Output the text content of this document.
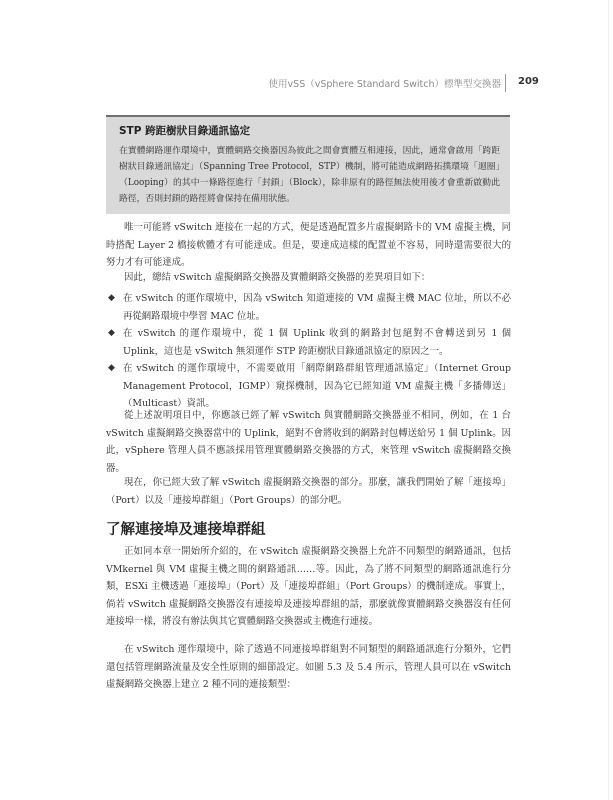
使用vSS（vSphere Standard Switch）標準型交換器 209
STP 跨距樹狀目錄通訊協定

在實體網路運作環境中，實體網路交換器因為彼此之間會實體互相連接，因此，通常會啟用「跨距樹狀目錄通訊協定」（Spanning Tree Protocol，STP）機制，將可能造成網路拓撲環境「迴圈」（Looping）的其中一條路徑進行「封鎖」（Block），除非原有的路徑無法使用後才會重新啟動此路徑，否則封鎖的路徑將會保持在備用狀態。

唯一可能將 vSwitch 連接在一起的方式，便是透過配置多片虛擬網路卡的 VM 虛擬主機，同時搭配 Layer 2 橋接軟體才有可能達成。但是，要達成這樣的配置並不容易，同時還需要很大的努力才有可能達成。

因此，總結 vSwitch 虛擬網路交換器及實體網路交換器的差異項目如下：

◆ 在 vSwitch 的運作環境中，因為 vSwitch 知道連接的 VM 虛擬主機 MAC 位址，所以不必再從網路環境中學習 MAC 位址。
◆ 在 vSwitch 的運作環境中，從 1 個 Uplink 收到的網路封包絕對不會轉送到另 1 個 Uplink，這也是 vSwitch 無須運作 STP 跨距樹狀目錄通訊協定的原因之一。
◆ 在 vSwitch 的運作環境中，不需要啟用「網際網路群組管理通訊協定」（Internet Group Management Protocol，IGMP）窺探機制，因為它已經知道 VM 虛擬主機「多播傳送」（Multicast）資訊。

從上述說明項目中，你應該已經了解 vSwitch 與實體網路交換器並不相同，例如，在 1 台 vSwitch 虛擬網路交換器當中的 Uplink，絕對不會將收到的網路封包轉送給另 1 個 Uplink。因此，vSphere 管理人員不應該採用管理實體網路交換器的方式，來管理 vSwitch 虛擬網路交換器。

現在，你已經大致了解 vSwitch 虛擬網路交換器的部分。那麼，讓我們開始了解「連接埠」（Port）以及「連接埠群組」（Port Groups）的部分吧。

了解連接埠及連接埠群組

正如同本章一開始所介紹的，在 vSwitch 虛擬網路交換器上允許不同類型的網路通訊，包括 VMkernel 與 VM 虛擬主機之間的網路通訊……等。因此，為了將不同類型的網路通訊進行分類，ESXi 主機透過「連接埠」（Port）及「連接埠群組」（Port Groups）的機制達成。事實上，倘若 vSwitch 虛擬網路交換器沒有連接埠及連接埠群組的話，那麼就像實體網路交換器沒有任何連接埠一樣，將沒有辦法與其它實體網路交換器或主機進行連接。

在 vSwitch 運作環境中，除了透過不同連接埠群組對不同類型的網路通訊進行分類外，它們還包括管理網路流量及安全性原則的細節設定。如圖 5.3 及 5.4 所示，管理人員可以在 vSwitch 虛擬網路交換器上建立 2 種不同的連接類型：
